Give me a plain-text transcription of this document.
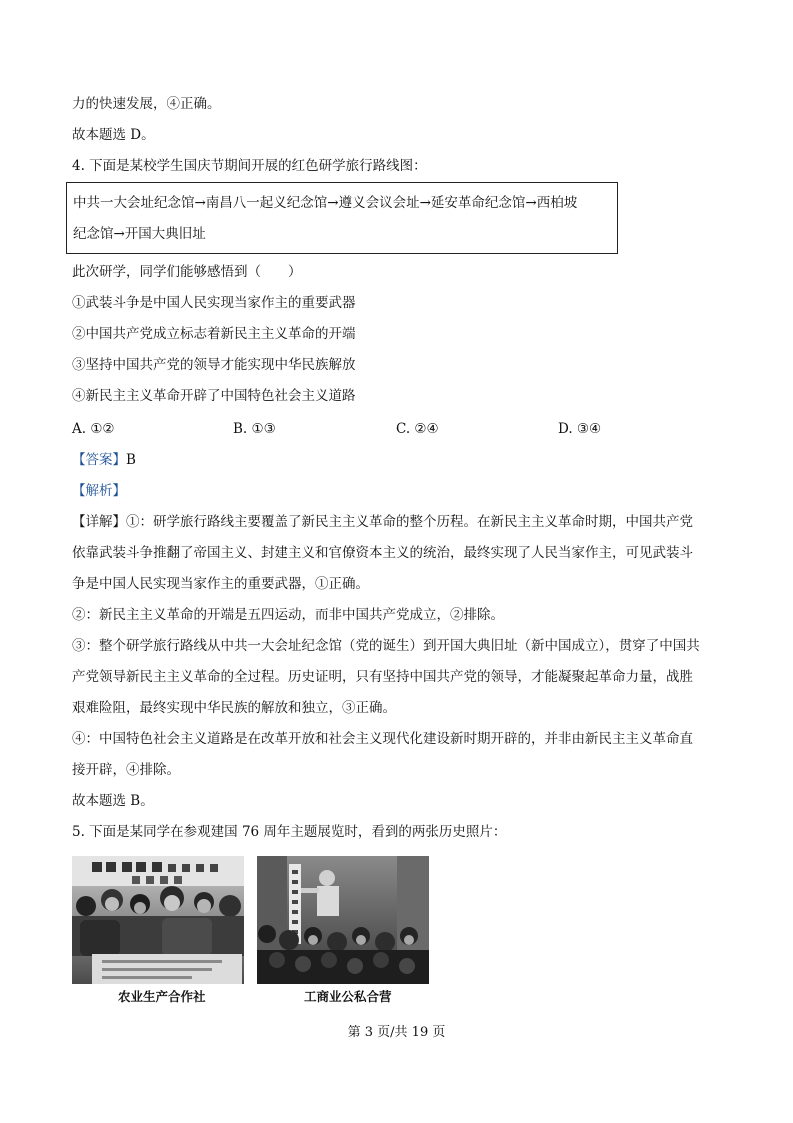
力的快速发展，④正确。
故本题选 D。
4. 下面是某校学生国庆节期间开展的红色研学旅行路线图：
中共一大会址纪念馆→南昌八一起义纪念馆→遵义会议会址→延安革命纪念馆→西柏坡
纪念馆→开国大典旧址
此次研学，同学们能够感悟到（　　）
①武装斗争是中国人民实现当家作主的重要武器
②中国共产党成立标志着新民主主义革命的开端
③坚持中国共产党的领导才能实现中华民族解放
④新民主主义革命开辟了中国特色社会主义道路
A. ①②	B. ①③	C. ②④	D. ③④
【答案】B
【解析】
【详解】①：研学旅行路线主要覆盖了新民主主义革命的整个历程。在新民主主义革命时期，中国共产党
依靠武装斗争推翻了帝国主义、封建主义和官僚资本主义的统治，最终实现了人民当家作主，可见武装斗
争是中国人民实现当家作主的重要武器，①正确。
②：新民主主义革命的开端是五四运动，而非中国共产党成立，②排除。
③：整个研学旅行路线从中共一大会址纪念馆（党的诞生）到开国大典旧址（新中国成立），贯穿了中国共
产党领导新民主主义革命的全过程。历史证明，只有坚持中国共产党的领导，才能凝聚起革命力量，战胜
艰难险阻，最终实现中华民族的解放和独立，③正确。
④：中国特色社会主义道路是在改革开放和社会主义现代化建设新时期开辟的，并非由新民主主义革命直
接开辟，④排除。
故本题选 B。
5. 下面是某同学在参观建国 76 周年主题展览时，看到的两张历史照片：
农业生产合作社	工商业公私合营
第 3 页/共 19 页
